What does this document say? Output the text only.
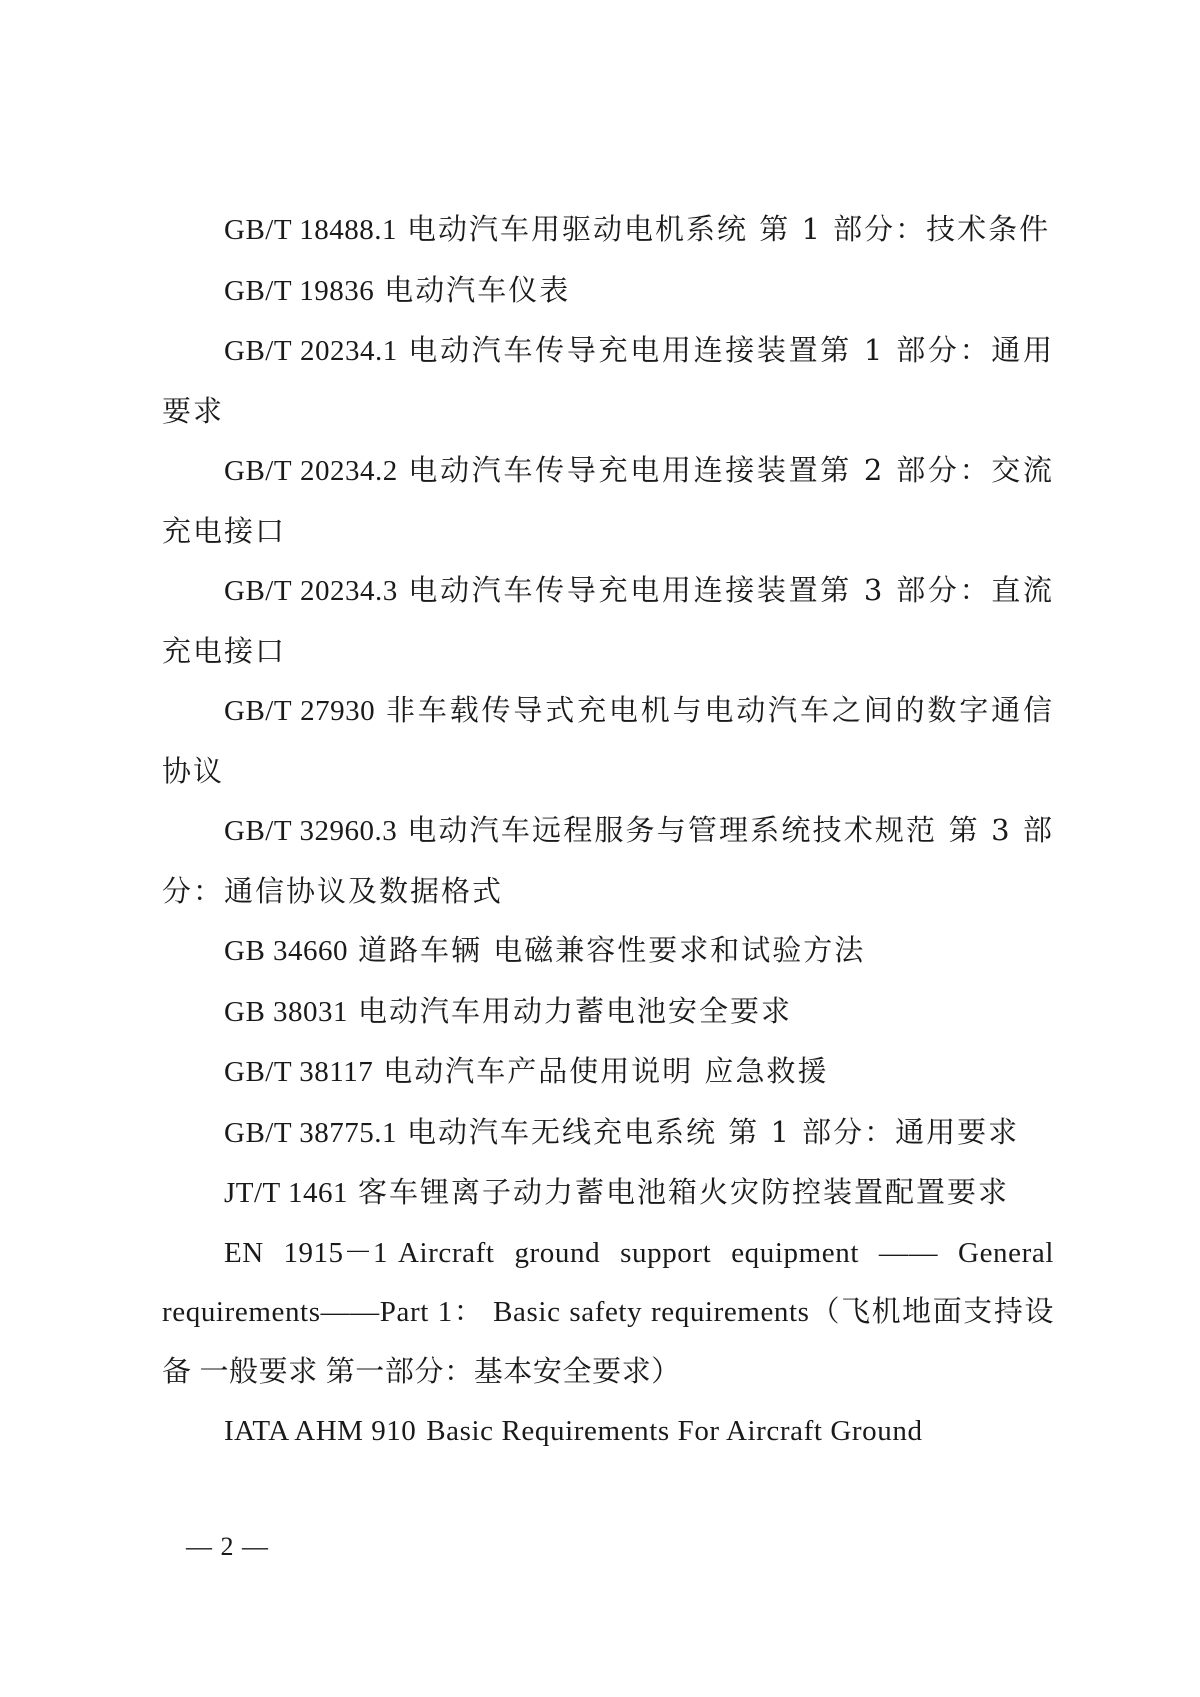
GB/T 18488.1 电动汽车用驱动电机系统 第 1 部分：技术条件

GB/T 19836 电动汽车仪表

GB/T 20234.1 电动汽车传导充电用连接装置第 1 部分：通用要求

GB/T 20234.2 电动汽车传导充电用连接装置第 2 部分：交流充电接口

GB/T 20234.3 电动汽车传导充电用连接装置第 3 部分：直流充电接口

GB/T 27930 非车载传导式充电机与电动汽车之间的数字通信协议

GB/T 32960.3 电动汽车远程服务与管理系统技术规范 第 3 部分：通信协议及数据格式

GB 34660 道路车辆 电磁兼容性要求和试验方法

GB 38031 电动汽车用动力蓄电池安全要求

GB/T 38117 电动汽车产品使用说明 应急救援

GB/T 38775.1 电动汽车无线充电系统 第 1 部分：通用要求

JT/T 1461 客车锂离子动力蓄电池箱火灾防控装置配置要求

EN 1915－1 Aircraft ground support equipment —— General requirements——Part 1： Basic safety requirements（飞机地面支持设备 一般要求 第一部分：基本安全要求）

IATA AHM 910 Basic Requirements For Aircraft Ground

— 2 —
